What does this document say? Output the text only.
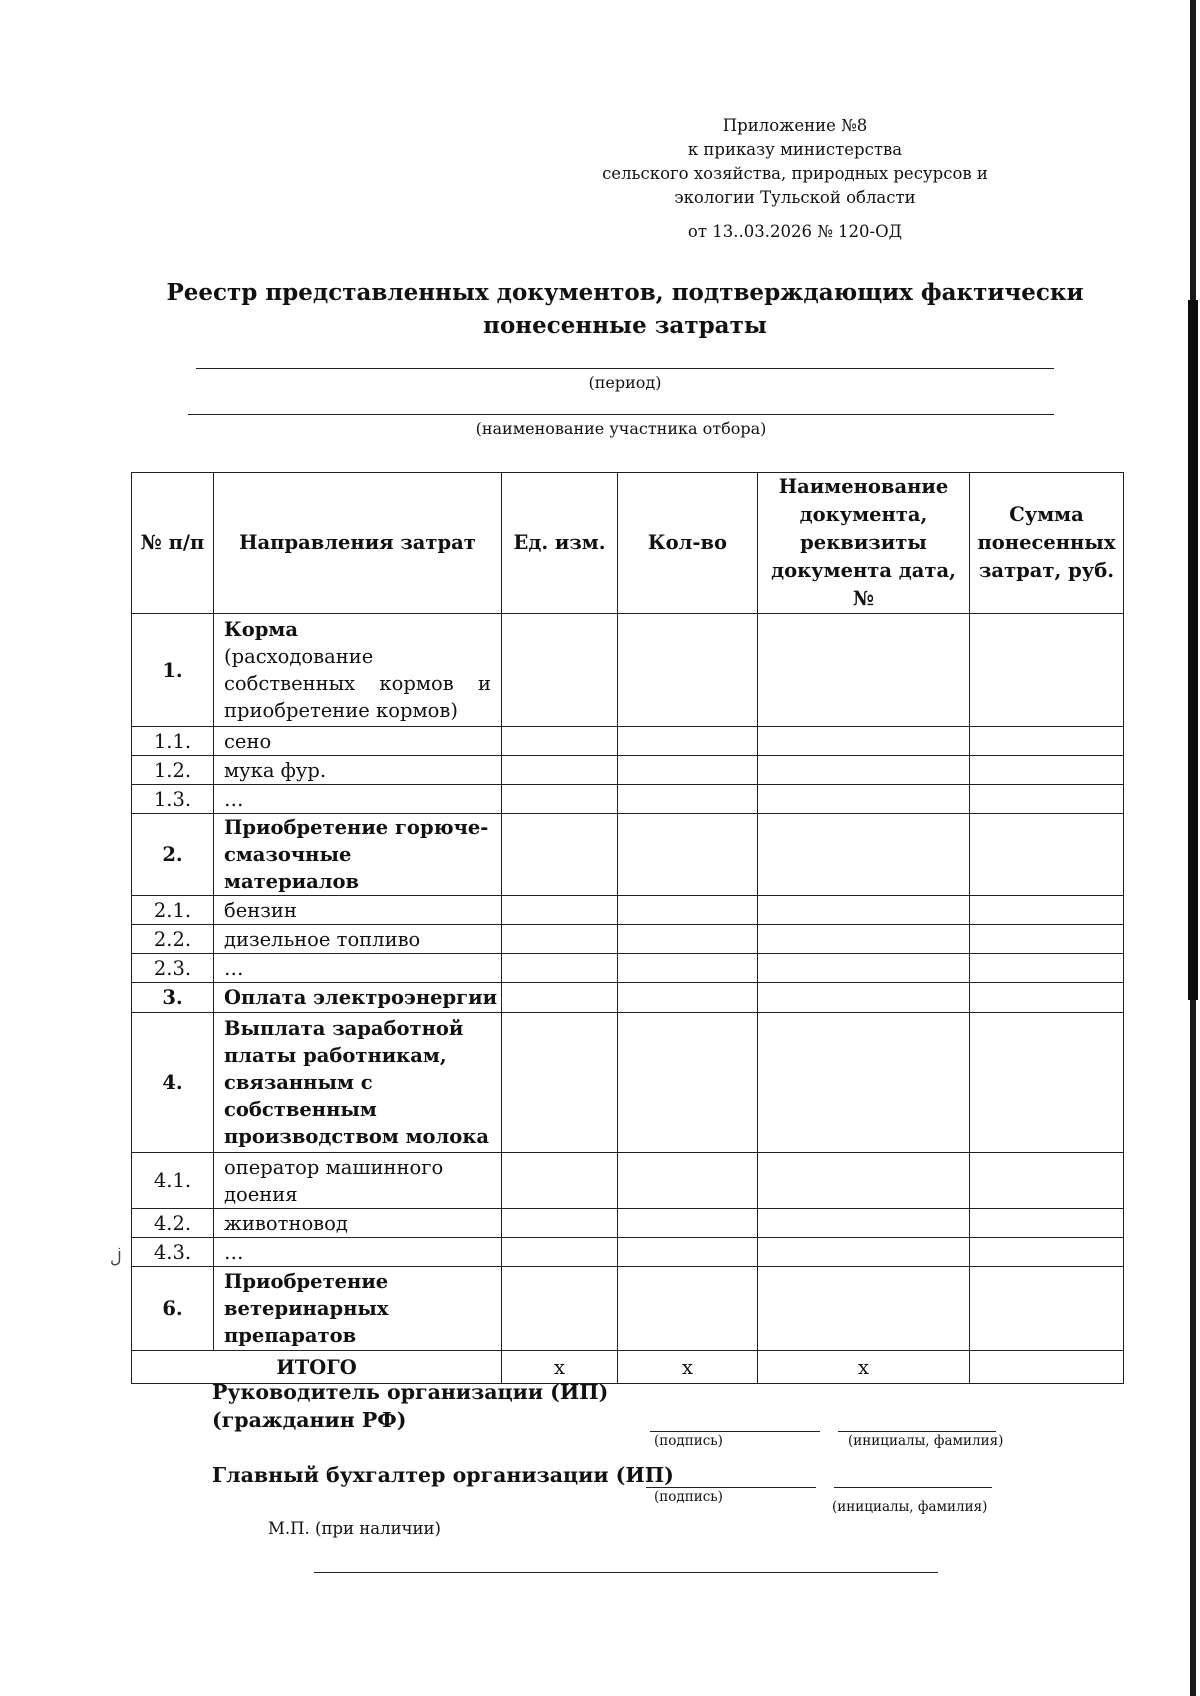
Приложение №8
к приказу министерства
сельского хозяйства, природных ресурсов и
экологии Тульской области
от 13..03.2026 № 120-ОД
Реестр представленных документов, подтверждающих фактически
понесенные затраты
(период)
(наименование участника отбора)
№ п/п	Направления затрат	Ед. изм.	Кол-во	Наименование документа, реквизиты документа дата, №	Сумма понесенных затрат, руб.
1.	Корма
(расходование
собственных кормов и
приобретение кормов)				

1.1.	сено				
1.2.	мука фур.				
1.3.	…				
2.	Приобретение горюче-смазочные материалов				
2.1.	бензин				
2.2.	дизельное топливо				
2.3.	…				
3.	Оплата электроэнергии				
4.	Выплата заработной платы работникам, связанным с собственным производством молока				
4.1.	оператор машинного доения				
4.2.	животновод				
4.3.	…				
6.	Приобретение ветеринарных препаратов				
ИТОГО		х	х	х	
ڶ
Руководитель организации (ИП)
(гражданин РФ)
(подпись)	(инициалы, фамилия)
Главный бухгалтер организации (ИП)
(подпись)
(инициалы, фамилия)
М.П. (при наличии)
